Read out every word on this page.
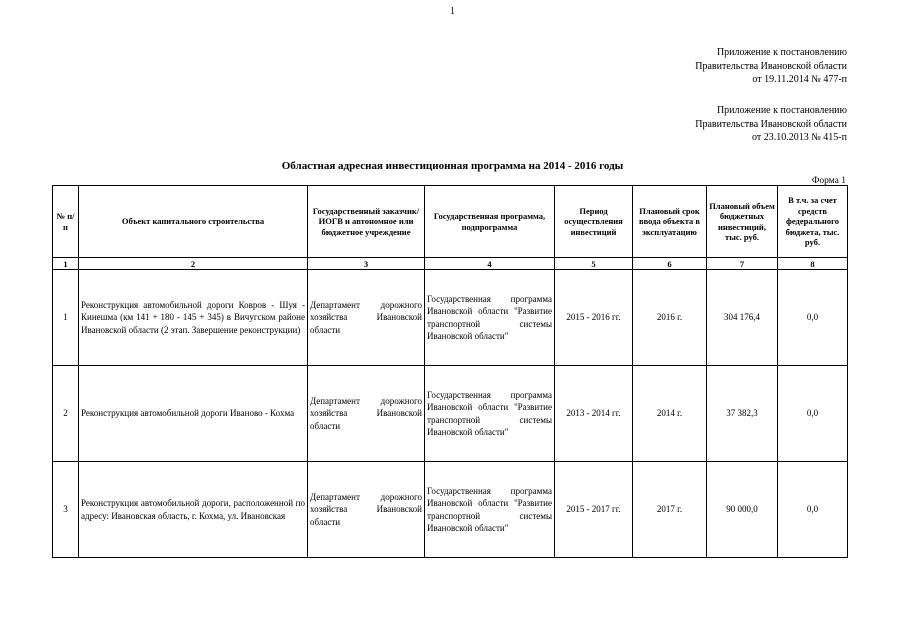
1
Приложение к постановлению
Правительства Ивановской области
от 19.11.2014 № 477-п
Приложение к постановлению
Правительства Ивановской области
от 23.10.2013 № 415-п
Областная адресная инвестиционная программа на 2014 - 2016 годы
Форма 1
№ п/п	Объект капитального строительства	Государственный заказчик/ИОГВ и автономное или бюджетное учреждение	Государственная программа, подпрограмма	Период осуществления инвестиций	Плановый срок ввода объекта в эксплуатацию	Плановый объем бюджетных инвестиций, тыс. руб.	В т.ч. за счет средств федерального бюджета, тыс. руб.
1	2	3	4	5	6	7	8
1	Реконструкция автомобильной дороги Ковров - Шуя - Кинешма (км 141 + 180 - 145 + 345) в Вичугском районе Ивановской области (2 этап. Завершение реконструкции)	Департамент дорожного хозяйства Ивановской области	Государственная программа Ивановской области "Развитие транспортной системы Ивановской области"	2015 - 2016 гг.	2016 г.	304 176,4	0,0
2	Реконструкция автомобильной дороги Иваново - Кохма	Департамент дорожного хозяйства Ивановской области	Государственная программа Ивановской области "Развитие транспортной системы Ивановской области"	2013 - 2014 гг.	2014 г.	37 382,3	0,0
3	Реконструкция автомобильной дороги, расположенной по адресу: Ивановская область, г. Кохма, ул. Ивановская	Департамент дорожного хозяйства Ивановской области	Государственная программа Ивановской области "Развитие транспортной системы Ивановской области"	2015 - 2017 гг.	2017 г.	90 000,0	0,0
